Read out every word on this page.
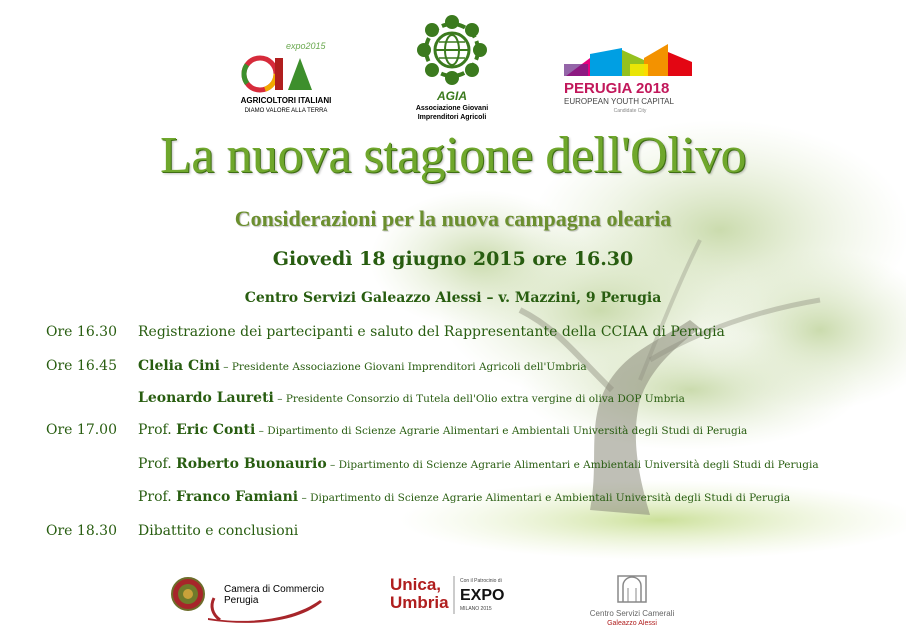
expo2015
AGRICOLTORI ITALIANI
DIAMO VALORE ALLA TERRA
AGIA
Associazione Giovani
Imprenditori Agricoli
PERUGIA 2018
EUROPEAN YOUTH CAPITAL
Candidate City
La nuova stagione dell'Olivo
Considerazioni per la nuova campagna olearia
Giovedì 18 giugno 2015 ore 16.30
Centro Servizi Galeazzo Alessi – v. Mazzini, 9 Perugia
Ore 16.30 Registrazione dei partecipanti e saluto del Rappresentante della CCIAA di Perugia
Ore 16.45 Clelia Cini – Presidente Associazione Giovani Imprenditori Agricoli dell'Umbria
Leonardo Laureti – Presidente Consorzio di Tutela dell'Olio extra vergine di oliva DOP Umbria
Ore 17.00 Prof. Eric Conti – Dipartimento di Scienze Agrarie Alimentari e Ambientali Università degli Studi di Perugia
Prof. Roberto Buonaurio – Dipartimento di Scienze Agrarie Alimentari e Ambientali Università degli Studi di Perugia
Prof. Franco Famiani – Dipartimento di Scienze Agrarie Alimentari e Ambientali Università degli Studi di Perugia
Ore 18.30 Dibattito e conclusioni
Camera di Commercio
Perugia
Unica,
Umbria
Con il Patrocinio di
EXPO
MILANO 2015	Centro Servizi Camerali
Galeazzo Alessi
